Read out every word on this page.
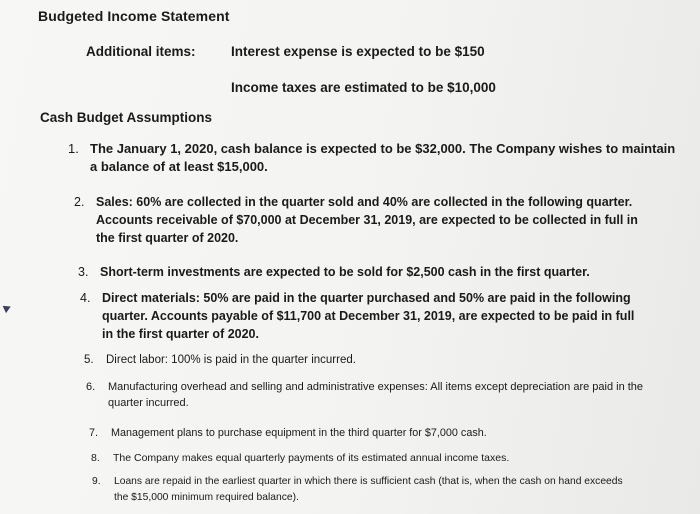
Budgeted Income Statement
Additional items:	Interest expense is expected to be $150
Income taxes are estimated to be $10,000
Cash Budget Assumptions
1. The January 1, 2020, cash balance is expected to be $32,000. The Company wishes to maintain a balance of at least $15,000.
2. Sales: 60% are collected in the quarter sold and 40% are collected in the following quarter. Accounts receivable of $70,000 at December 31, 2019, are expected to be collected in full in the first quarter of 2020.
3. Short-term investments are expected to be sold for $2,500 cash in the first quarter.
4. Direct materials: 50% are paid in the quarter purchased and 50% are paid in the following quarter. Accounts payable of $11,700 at December 31, 2019, are expected to be paid in full in the first quarter of 2020.
5.	Direct labor: 100% is paid in the quarter incurred.
6.	Manufacturing overhead and selling and administrative expenses: All items except depreciation are paid in the quarter incurred.
7.	Management plans to purchase equipment in the third quarter for $7,000 cash.
8.	The Company makes equal quarterly payments of its estimated annual income taxes.
9.	Loans are repaid in the earliest quarter in which there is sufficient cash (that is, when the cash on hand exceeds the $15,000 minimum required balance).
